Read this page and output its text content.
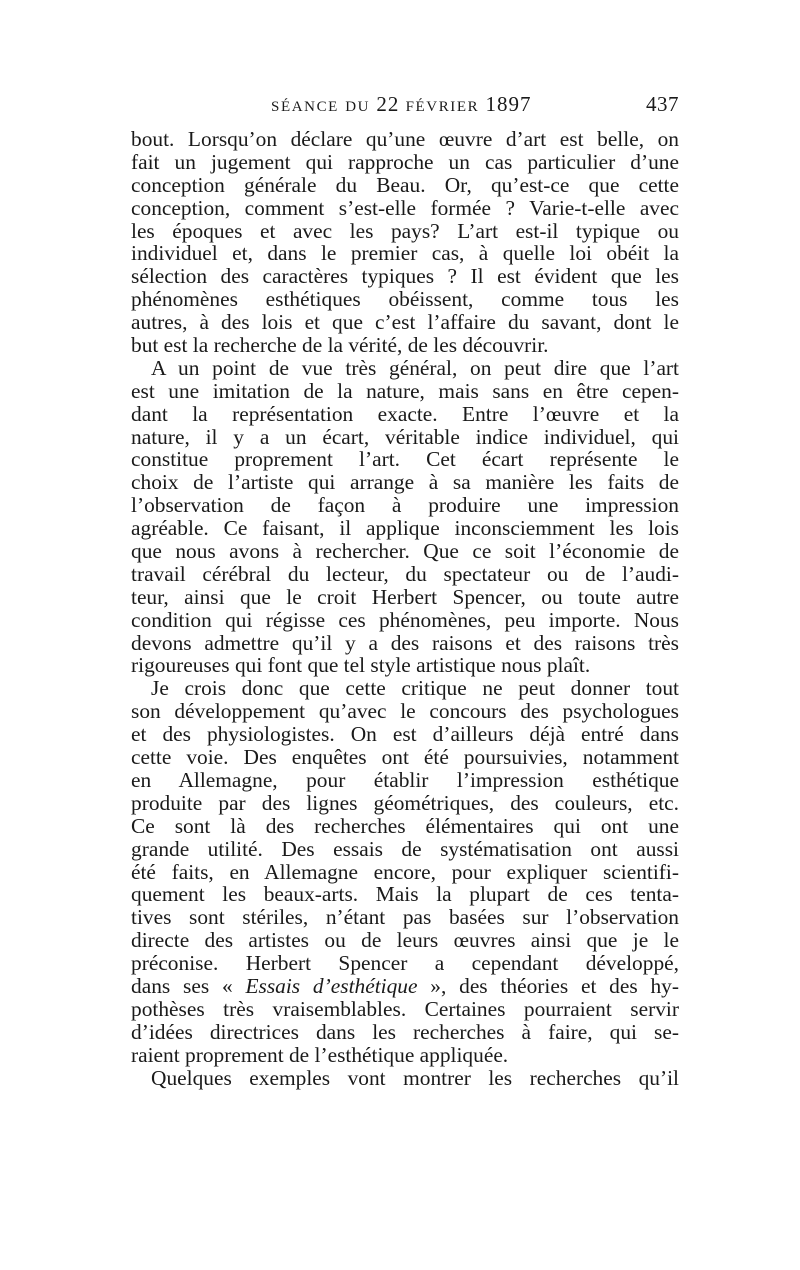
SÉANCE DU 22 FÉVRIER 1897	437
bout. Lorsqu’on déclare qu’une œuvre d’art est belle, on
fait un jugement qui rapproche un cas particulier d’une
conception générale du Beau. Or, qu’est-ce que cette
conception, comment s’est-elle formée ? Varie-t-elle avec
les époques et avec les pays? L’art est-il typique ou
individuel et, dans le premier cas, à quelle loi obéit la
sélection des caractères typiques ? Il est évident que les
phénomènes esthétiques obéissent, comme tous les
autres, à des lois et que c’est l’affaire du savant, dont le
but est la recherche de la vérité, de les découvrir.
A un point de vue très général, on peut dire que l’art
est une imitation de la nature, mais sans en être cepen-
dant la représentation exacte. Entre l’œuvre et la
nature, il y a un écart, véritable indice individuel, qui
constitue proprement l’art. Cet écart représente le
choix de l’artiste qui arrange à sa manière les faits de
l’observation de façon à produire une impression
agréable. Ce faisant, il applique inconsciemment les lois
que nous avons à rechercher. Que ce soit l’économie de
travail cérébral du lecteur, du spectateur ou de l’audi-
teur, ainsi que le croit Herbert Spencer, ou toute autre
condition qui régisse ces phénomènes, peu importe. Nous
devons admettre qu’il y a des raisons et des raisons très
rigoureuses qui font que tel style artistique nous plaît.
Je crois donc que cette critique ne peut donner tout
son développement qu’avec le concours des psychologues
et des physiologistes. On est d’ailleurs déjà entré dans
cette voie. Des enquêtes ont été poursuivies, notamment
en Allemagne, pour établir l’impression esthétique
produite par des lignes géométriques, des couleurs, etc.
Ce sont là des recherches élémentaires qui ont une
grande utilité. Des essais de systématisation ont aussi
été faits, en Allemagne encore, pour expliquer scientifi-
quement les beaux-arts. Mais la plupart de ces tenta-
tives sont stériles, n’étant pas basées sur l’observation
directe des artistes ou de leurs œuvres ainsi que je le
préconise. Herbert Spencer a cependant développé,
dans ses « Essais d’esthétique », des théories et des hy-
pothèses très vraisemblables. Certaines pourraient servir
d’idées directrices dans les recherches à faire, qui se-
raient proprement de l’esthétique appliquée.
Quelques exemples vont montrer les recherches qu’il
